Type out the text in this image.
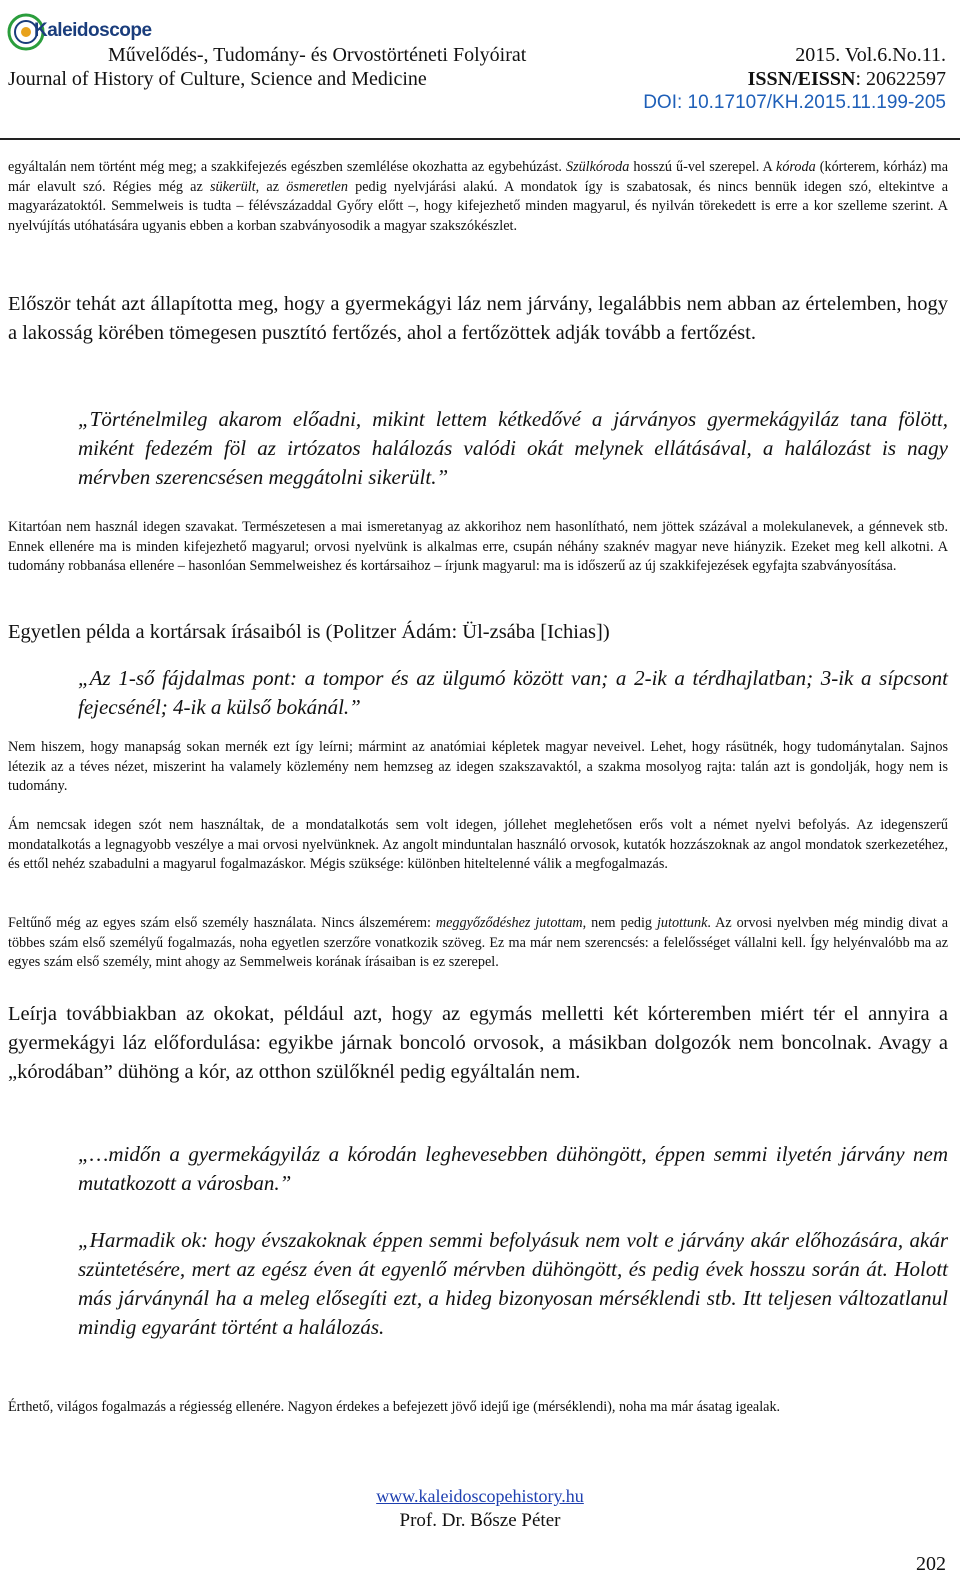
Kaleidoscope
Művelődés-, Tudomány- és Orvostörténeti Folyóirat
Journal of History of Culture, Science and Medicine
2015. Vol.6.No.11.
ISSN/EISSN: 20622597
DOI: 10.17107/KH.2015.11.199-205
egyáltalán nem történt még meg; a szakkifejezés egészben szemlélése okozhatta az egybehúzást. Szülkóroda hosszú ű-vel szerepel. A kóroda (kórterem, kórház) ma már elavult szó. Régies még az sükerült, az ösmeretlen pedig nyelvjárási alakú. A mondatok így is szabatosak, és nincs bennük idegen szó, eltekintve a magyarázatoktól. Semmelweis is tudta – félévszázaddal Győry előtt –, hogy kifejezhető minden magyarul, és nyilván törekedett is erre a kor szelleme szerint. A nyelvújítás utóhatására ugyanis ebben a korban szabványosodik a magyar szakszókészlet.
Először tehát azt állapította meg, hogy a gyermekágyi láz nem járvány, legalábbis nem abban az értelemben, hogy a lakosság körében tömegesen pusztító fertőzés, ahol a fertőzöttek adják tovább a fertőzést.
„Történelmileg akarom előadni, mikint lettem kétkedővé a járványos gyermekágyiláz tana fölött, miként fedezém föl az irtózatos halálozás valódi okát melynek ellátásával, a halálozást is nagy mérvben szerencsésen meggátolni sikerült.”
Kitartóan nem használ idegen szavakat. Természetesen a mai ismeretanyag az akkorihoz nem hasonlítható, nem jöttek százával a molekulanevek, a génnevek stb. Ennek ellenére ma is minden kifejezhető magyarul; orvosi nyelvünk is alkalmas erre, csupán néhány szaknév magyar neve hiányzik. Ezeket meg kell alkotni. A tudomány robbanása ellenére – hasonlóan Semmelweishez és kortársaihoz – írjunk magyarul: ma is időszerű az új szakkifejezések egyfajta szabványosítása.
Egyetlen példa a kortársak írásaiból is (Politzer Ádám: Ül-zsába [Ichias])
„Az 1-ső fájdalmas pont: a tompor és az ülgumó között van; a 2-ik a térdhajlatban; 3-ik a sípcsont fejecsénél; 4-ik a külső bokánál.”
Nem hiszem, hogy manapság sokan mernék ezt így leírni; mármint az anatómiai képletek magyar neveivel. Lehet, hogy rásütnék, hogy tudománytalan. Sajnos létezik az a téves nézet, miszerint ha valamely közlemény nem hemzseg az idegen szakszavaktól, a szakma mosolyog rajta: talán azt is gondolják, hogy nem is tudomány.
Ám nemcsak idegen szót nem használtak, de a mondatalkotás sem volt idegen, jóllehet meglehetősen erős volt a német nyelvi befolyás. Az idegenszerű mondatalkotás a legnagyobb veszélye a mai orvosi nyelvünknek. Az angolt minduntalan használó orvosok, kutatók hozzászoknak az angol mondatok szerkezetéhez, és ettől nehéz szabadulni a magyarul fogalmazáskor. Mégis szüksége: különben hiteltelenné válik a megfogalmazás.
Feltűnő még az egyes szám első személy használata. Nincs álszemérem: meggyőződéshez jutottam, nem pedig jutottunk. Az orvosi nyelvben még mindig divat a többes szám első személyű fogalmazás, noha egyetlen szerzőre vonatkozik szöveg. Ez ma már nem szerencsés: a felelősséget vállalni kell. Így helyénvalóbb ma az egyes szám első személy, mint ahogy az Semmelweis korának írásaiban is ez szerepel.
Leírja továbbiakban az okokat, például azt, hogy az egymás melletti két kórteremben miért tér el annyira a gyermekágyi láz előfordulása: egyikbe járnak boncoló orvosok, a másikban dolgozók nem boncolnak. Avagy a „kórodában” dühöng a kór, az otthon szülőknél pedig egyáltalán nem.
„…midőn a gyermekágyiláz a kórodán leghevesebben dühöngött, éppen semmi ilyetén járvány nem mutatkozott a városban.”
„Harmadik ok: hogy évszakoknak éppen semmi befolyásuk nem volt e járvány akár előhozására, akár szüntetésére, mert az egész éven át egyenlő mérvben dühöngött, és pedig évek hosszu során át. Holott más járványnál ha a meleg elősegíti ezt, a hideg bizonyosan mérséklendi stb. Itt teljesen változatlanul mindig egyaránt történt a halálozás.
Érthető, világos fogalmazás a régiesség ellenére. Nagyon érdekes a befejezett jövő idejű ige (mérséklendi), noha ma már ásatag igealak.
www.kaleidoscopehistory.hu
Prof. Dr. Bősze Péter
202
